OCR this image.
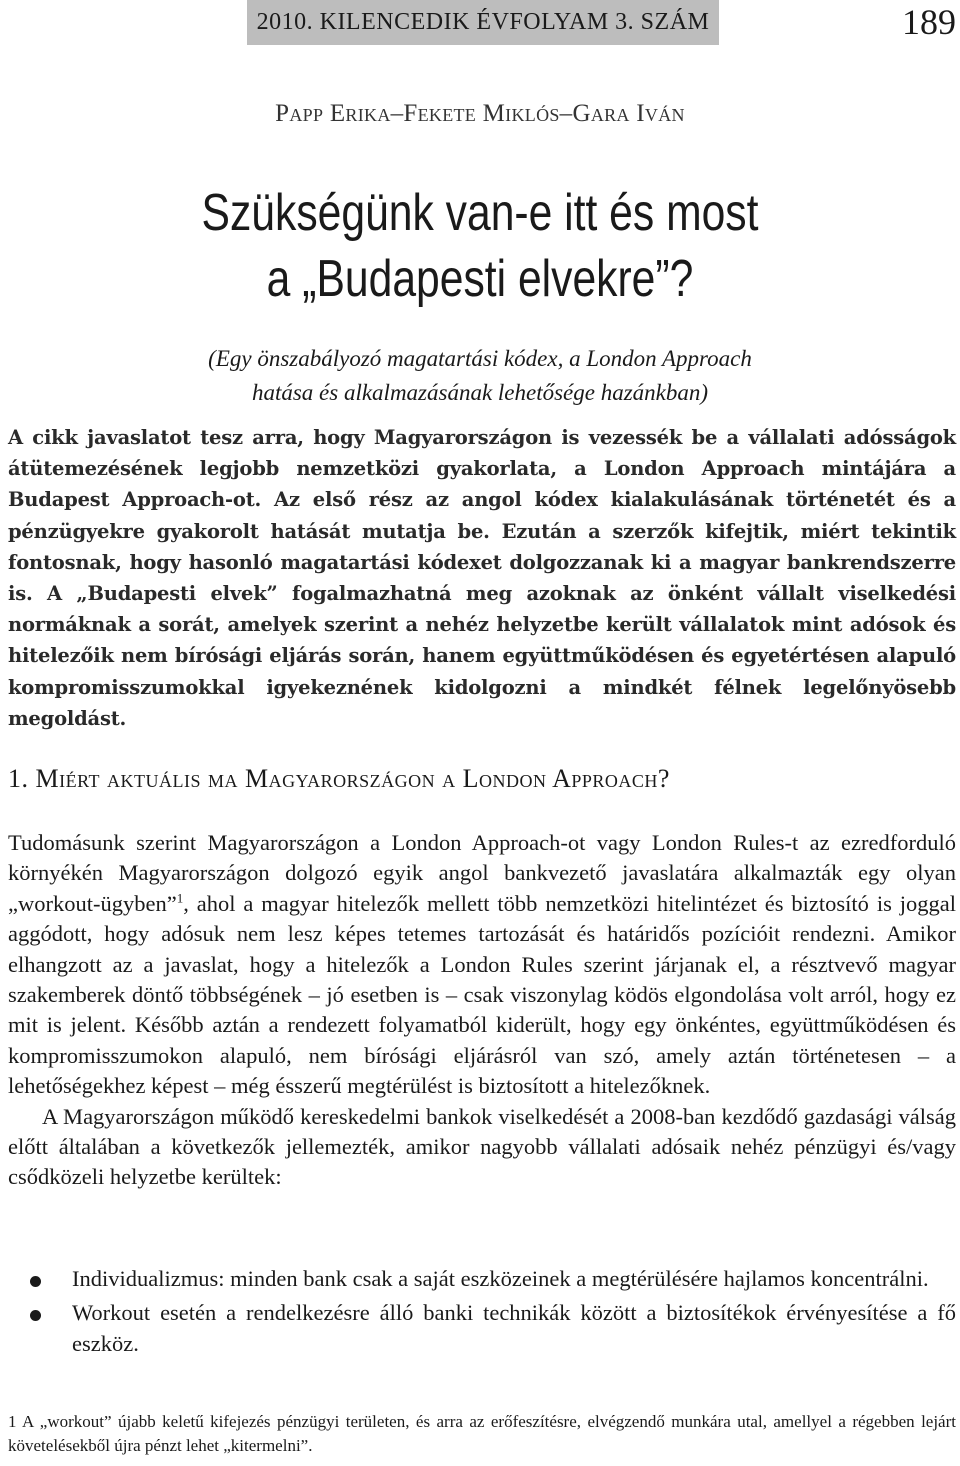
2010. KILENCEDIK ÉVFOLYAM 3. SZÁM	189
Papp Erika–Fekete Miklós–Gara Iván
Szükségünk van-e itt és most
a „Budapesti elvekre”?
(Egy önszabályozó magatartási kódex, a London Approach
hatása és alkalmazásának lehetősége hazánkban)
A cikk javaslatot tesz arra, hogy Magyarországon is vezessék be a vállalati adósságok átütemezésének legjobb nemzetközi gyakorlata, a London Approach mintájára a Budapest Approach-ot. Az első rész az angol kódex kialakulásának történetét és a pénzügyekre gyakorolt hatását mutatja be. Ezután a szerzők kifejtik, miért tekintik fontosnak, hogy hasonló magatartási kódexet dolgozzanak ki a magyar bankrendszerre is. A „Budapesti elvek” fogalmazhatná meg azoknak az önként vállalt viselkedési normáknak a sorát, amelyek szerint a nehéz helyzetbe került vállalatok mint adósok és hitelezőik nem bírósági eljárás során, hanem együttműködésen és egyetértésen alapuló kompromisszumokkal igyekeznének kidolgozni a mindkét félnek legelőnyösebb megoldást.
1. Miért aktuális ma Magyarországon a London Approach?

Tudomásunk szerint Magyarországon a London Approach-ot vagy London Rules-t az ezredforduló környékén Magyarországon dolgozó egyik angol bankvezető javaslatára alkalmazták egy olyan „workout-ügyben”$^1$, ahol a magyar hitelezők mellett több nemzetközi hitelintézet és biztosító is joggal aggódott, hogy adósuk nem lesz képes tetemes tartozását és határidős pozícióit rendezni. Amikor elhangzott az a javaslat, hogy a hitelezők a London Rules szerint járjanak el, a résztvevő magyar szakemberek döntő többségének – jó esetben is – csak viszonylag ködös elgondolása volt arról, hogy ez mit is jelent. Később aztán a rendezett folyamatból kiderült, hogy egy önkéntes, együttműködésen és kompromisszumokon alapuló, nem bírósági eljárásról van szó, amely aztán történetesen – a lehetőségekhez képest – még ésszerű megtérülést is biztosított a hitelezőknek.

A Magyarországon működő kereskedelmi bankok viselkedését a 2008-ban kezdődő gazdasági válság előtt általában a következők jellemezték, amikor nagyobb vállalati adósaik nehéz pénzügyi és/vagy csődközeli helyzetbe kerültek:

Individualizmus: minden bank csak a saját eszközeinek a megtérülésére hajlamos koncentrálni.
Workout esetén a rendelkezésre álló banki technikák között a biztosítékok érvényesítése a fő eszköz.
1 A „workout” újabb keletű kifejezés pénzügyi területen, és arra az erőfeszítésre, elvégzendő munkára utal, amellyel a régebben lejárt követelésekből újra pénzt lehet „kitermelni”.
